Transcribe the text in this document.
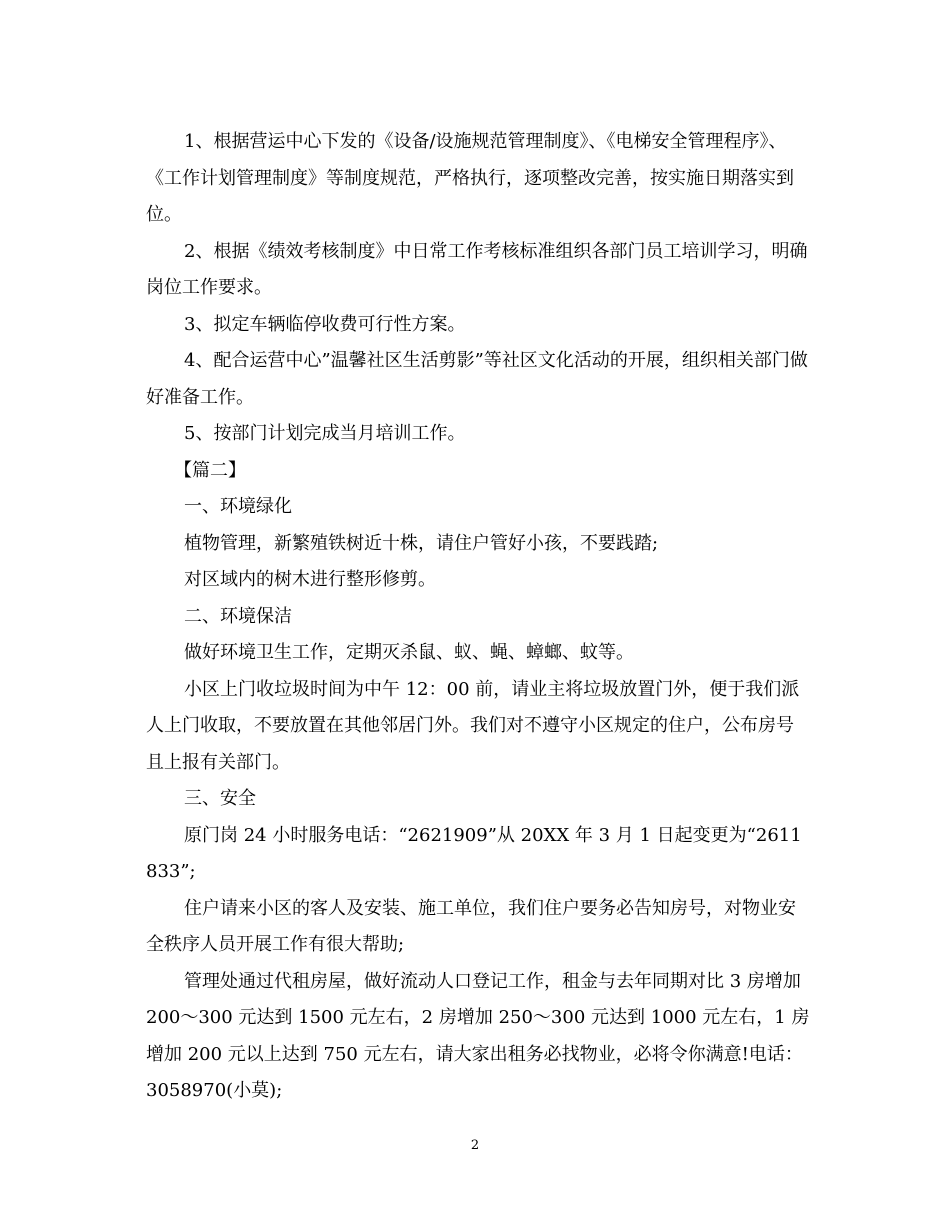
1、根据营运中心下发的《设备/设施规范管理制度》、《电梯安全管理程序》、《工作计划管理制度》等制度规范，严格执行，逐项整改完善，按实施日期落实到位。

2、根据《绩效考核制度》中日常工作考核标准组织各部门员工培训学习，明确岗位工作要求。

3、拟定车辆临停收费可行性方案。

4、配合运营中心”温馨社区生活剪影”等社区文化活动的开展，组织相关部门做好准备工作。

5、按部门计划完成当月培训工作。

【篇二】

一、环境绿化

植物管理，新繁殖铁树近十株，请住户管好小孩，不要践踏;

对区域内的树木进行整形修剪。

二、环境保洁

做好环境卫生工作，定期灭杀鼠、蚁、蝇、蟑螂、蚊等。

小区上门收垃圾时间为中午 12：00 前，请业主将垃圾放置门外，便于我们派人上门收取，不要放置在其他邻居门外。我们对不遵守小区规定的住户，公布房号且上报有关部门。

三、安全

原门岗 24 小时服务电话：“2621909”从 20XX 年 3 月 1 日起变更为“2611833”;

住户请来小区的客人及安装、施工单位，我们住户要务必告知房号，对物业安全秩序人员开展工作有很大帮助;

管理处通过代租房屋，做好流动人口登记工作，租金与去年同期对比 3 房增加 200～300 元达到 1500 元左右，2 房增加 250～300 元达到 1000 元左右，1 房增加 200 元以上达到 750 元左右，请大家出租务必找物业，必将令你满意!电话：3058970(小莫);

2
